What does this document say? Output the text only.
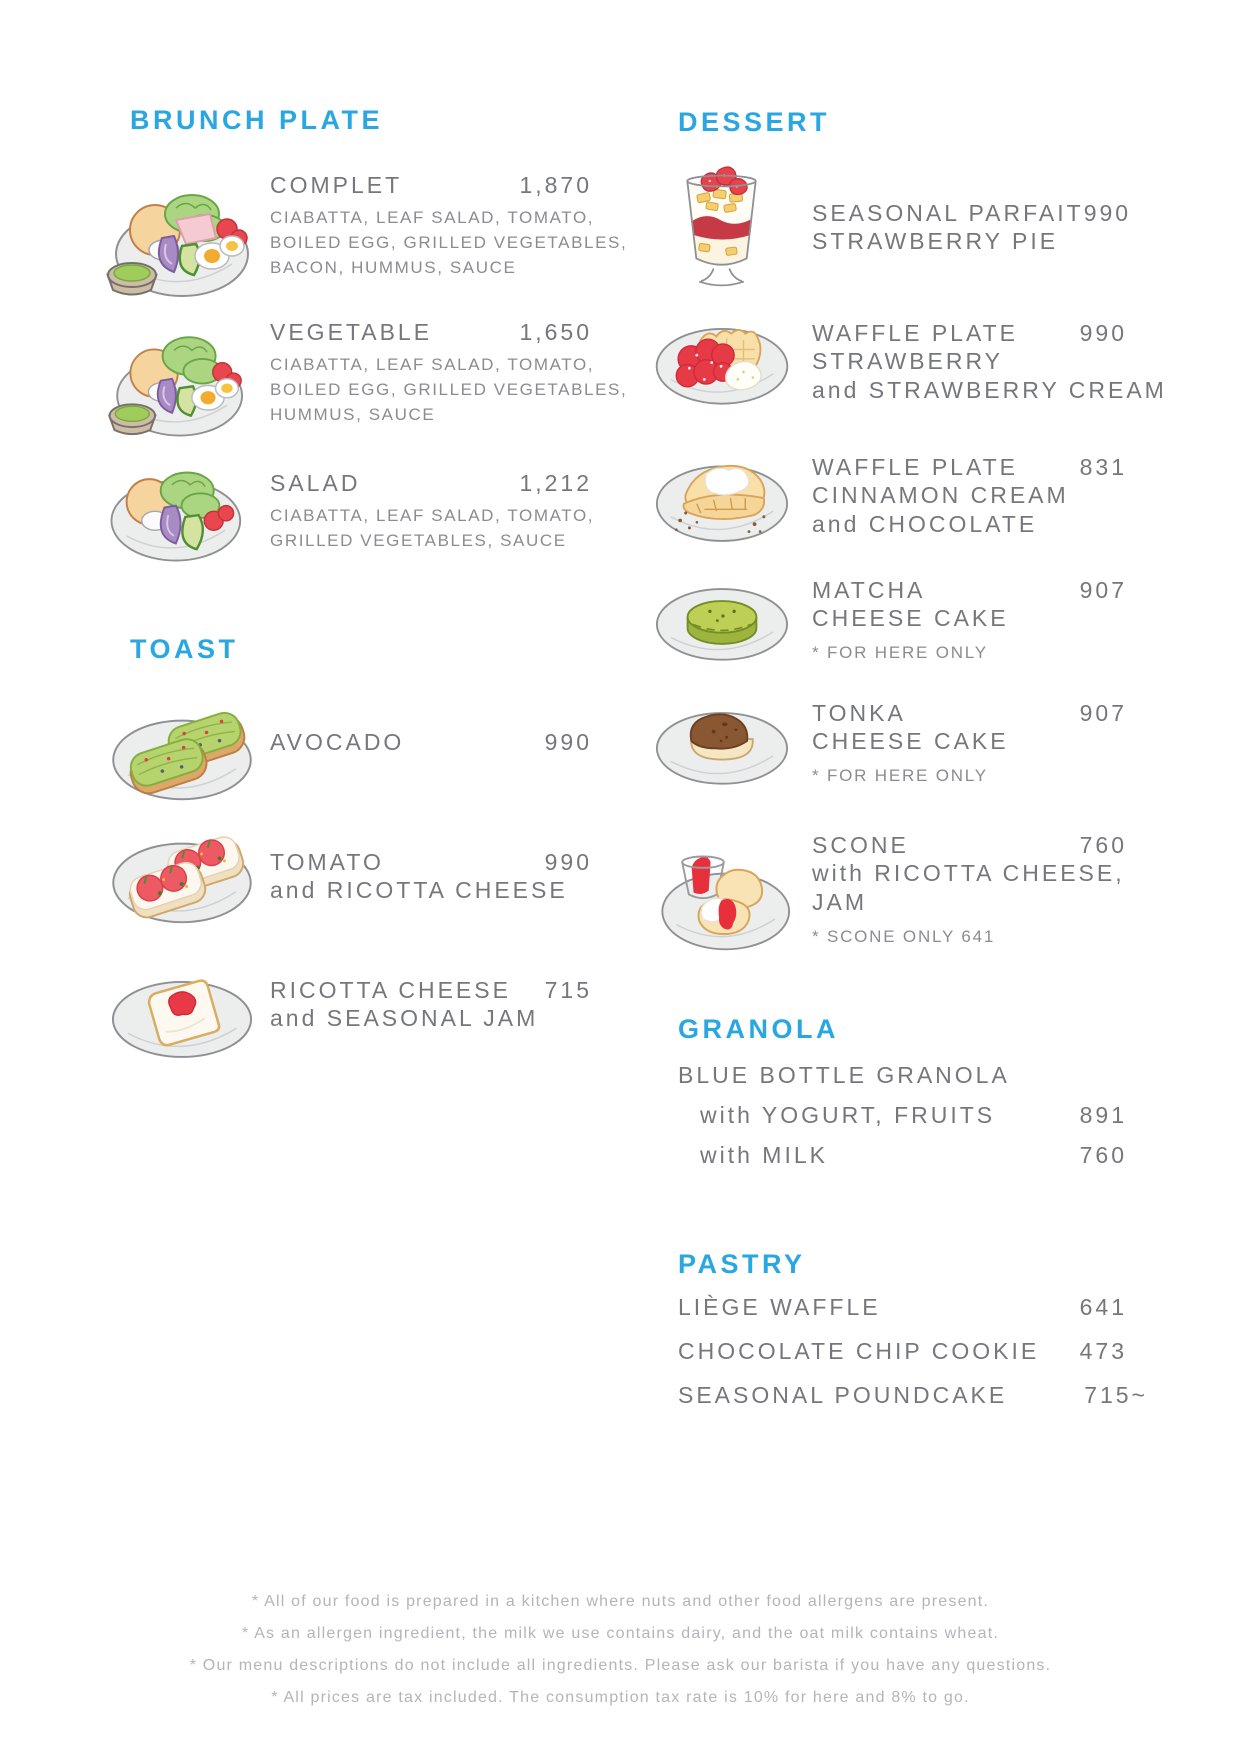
BRUNCH PLATE
COMPLET	1,870
CIABATTA, LEAF SALAD, TOMATO,
BOILED EGG, GRILLED VEGETABLES,
BACON, HUMMUS, SAUCE
VEGETABLE	1,650
CIABATTA, LEAF SALAD, TOMATO,
BOILED EGG, GRILLED VEGETABLES,
HUMMUS, SAUCE
SALAD	1,212
CIABATTA, LEAF SALAD, TOMATO,
GRILLED VEGETABLES, SAUCE
TOAST
AVOCADO	990
TOMATO	990
and RICOTTA CHEESE
RICOTTA CHEESE 715
and SEASONAL JAM
DESSERT
SEASONAL PARFAIT 990
STRAWBERRY PIE
WAFFLE PLATE	990
STRAWBERRY
and STRAWBERRY CREAM
WAFFLE PLATE	831
CINNAMON CREAM
and CHOCOLATE
MATCHA	907
CHEESE CAKE
* FOR HERE ONLY
TONKA	907
CHEESE CAKE
* FOR HERE ONLY
SCONE	760
with RICOTTA CHEESE,
JAM
* SCONE ONLY 641
GRANOLA
BLUE BOTTLE GRANOLA
with YOGURT, FRUITS	891
with MILK	760
PASTRY
LIÈGE WAFFLE	641
CHOCOLATE CHIP COOKIE 473
SEASONAL POUNDCAKE	715~
* All of our food is prepared in a kitchen where nuts and other food allergens are present.
* As an allergen ingredient, the milk we use contains dairy, and the oat milk contains wheat.
* Our menu descriptions do not include all ingredients. Please ask our barista if you have any questions.
* All prices are tax included. The consumption tax rate is 10% for here and 8% to go.
